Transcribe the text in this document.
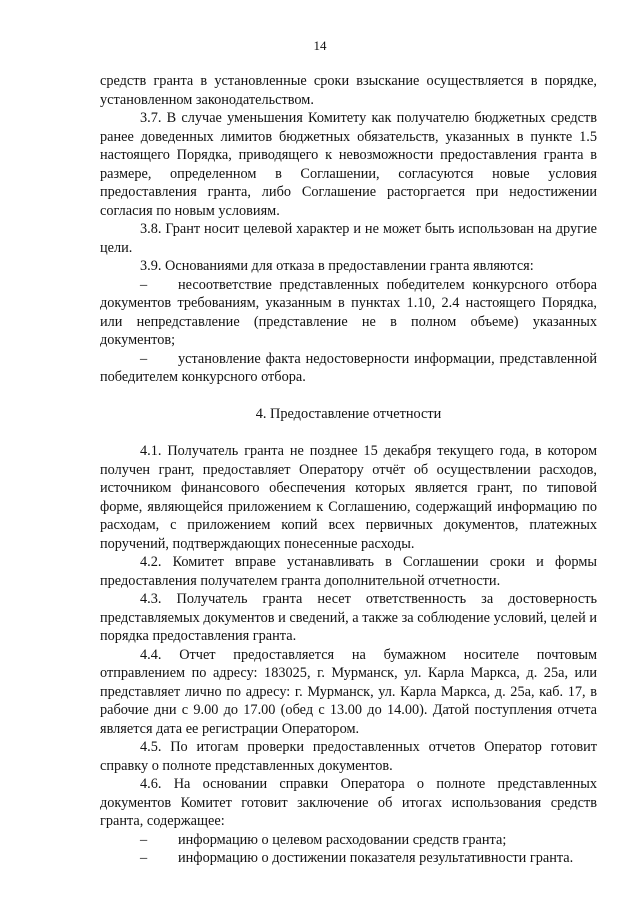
14

средств гранта в установленные сроки взыскание осуществляется в порядке, установленном законодательством.

3.7. В случае уменьшения Комитету как получателю бюджетных средств ранее доведенных лимитов бюджетных обязательств, указанных в пункте 1.5 настоящего Порядка, приводящего к невозможности предоставления гранта в размере, определенном в Соглашении, согласуются новые условия предоставления гранта, либо Соглашение расторгается при недостижении согласия по новым условиям.

3.8. Грант носит целевой характер и не может быть использован на другие цели.

3.9. Основаниями для отказа в предоставлении гранта являются:

– несоответствие представленных победителем конкурсного отбора документов требованиям, указанным в пунктах 1.10, 2.4 настоящего Порядка, или непредставление (представление не в полном объеме) указанных документов;

– установление факта недостоверности информации, представленной победителем конкурсного отбора.

4. Предоставление отчетности

4.1. Получатель гранта не позднее 15 декабря текущего года, в котором получен грант, предоставляет Оператору отчёт об осуществлении расходов, источником финансового обеспечения которых является грант, по типовой форме, являющейся приложением к Соглашению, содержащий информацию по расходам, с приложением копий всех первичных документов, платежных поручений, подтверждающих понесенные расходы.

4.2. Комитет вправе устанавливать в Соглашении сроки и формы предоставления получателем гранта дополнительной отчетности.

4.3. Получатель гранта несет ответственность за достоверность представляемых документов и сведений, а также за соблюдение условий, целей и порядка предоставления гранта.

4.4. Отчет предоставляется на бумажном носителе почтовым отправлением по адресу: 183025, г. Мурманск, ул. Карла Маркса, д. 25а, или представляет лично по адресу: г. Мурманск, ул. Карла Маркса, д. 25а, каб. 17, в рабочие дни с 9.00 до 17.00 (обед с 13.00 до 14.00). Датой поступления отчета является дата ее регистрации Оператором.

4.5. По итогам проверки предоставленных отчетов Оператор готовит справку о полноте представленных документов.

4.6. На основании справки Оператора о полноте представленных документов Комитет готовит заключение об итогах использования средств гранта, содержащее:

– информацию о целевом расходовании средств гранта;

– информацию о достижении показателя результативности гранта.
